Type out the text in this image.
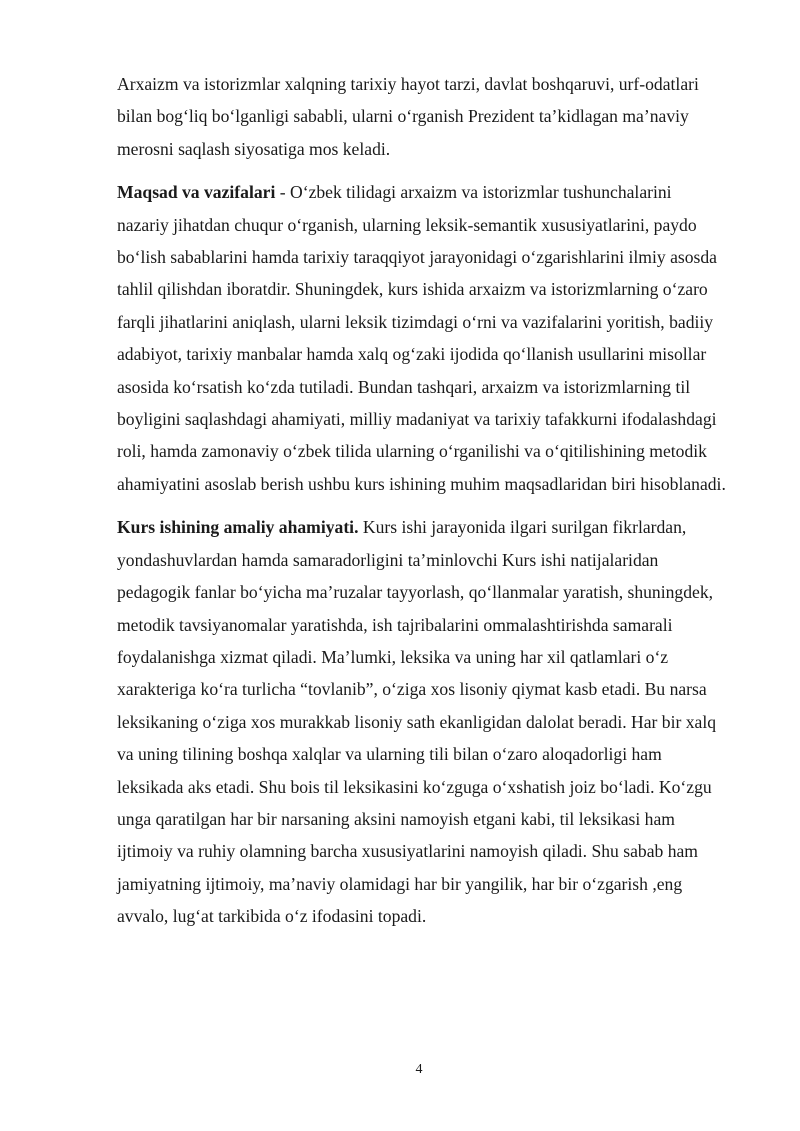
Arxaizm va istorizmlar xalqning tarixiy hayot tarzi, davlat boshqaruvi, urf-odatlari bilan bog‘liq bo‘lganligi sababli, ularni o‘rganish Prezident ta’kidlagan ma’naviy merosni saqlash siyosatiga mos keladi.

Maqsad va vazifalari - O‘zbek tilidagi arxaizm va istorizmlar tushunchalarini nazariy jihatdan chuqur o‘rganish, ularning leksik-semantik xususiyatlarini, paydo bo‘lish sabablarini hamda tarixiy taraqqiyot jarayonidagi o‘zgarishlarini ilmiy asosda tahlil qilishdan iboratdir. Shuningdek, kurs ishida arxaizm va istorizmlarning o‘zaro farqli jihatlarini aniqlash, ularni leksik tizimdagi o‘rni va vazifalarini yoritish, badiiy adabiyot, tarixiy manbalar hamda xalq og‘zaki ijodida qo‘llanish usullarini misollar asosida ko‘rsatish ko‘zda tutiladi. Bundan tashqari, arxaizm va istorizmlarning til boyligini saqlashdagi ahamiyati, milliy madaniyat va tarixiy tafakkurni ifodalashdagi roli, hamda zamonaviy o‘zbek tilida ularning o‘rganilishi va o‘qitilishining metodik ahamiyatini asoslab berish ushbu kurs ishining muhim maqsadlaridan biri hisoblanadi.

Kurs ishining amaliy ahamiyati. Kurs ishi jarayonida ilgari surilgan fikrlardan, yondashuvlardan hamda samaradorligini ta’minlovchi Kurs ishi natijalaridan pedagogik fanlar bo‘yicha ma’ruzalar tayyorlash, qo‘llanmalar yaratish, shuningdek, metodik tavsiyanomalar yaratishda, ish tajribalarini ommalashtirishda samarali foydalanishga xizmat qiladi. Ma’lumki, leksika va uning har xil qatlamlari o‘z xarakteriga ko‘ra turlicha “tovlanib”, o‘ziga xos lisoniy qiymat kasb etadi. Bu narsa leksikaning o‘ziga xos murakkab lisoniy sath ekanligidan dalolat beradi. Har bir xalq va uning tilining boshqa xalqlar va ularning tili bilan o‘zaro aloqadorligi ham leksikada aks etadi. Shu bois til leksikasini ko‘zguga o‘xshatish joiz bo‘ladi. Ko‘zgu unga qaratilgan har bir narsaning aksini namoyish etgani kabi, til leksikasi ham ijtimoiy va ruhiy olamning barcha xususiyatlarini namoyish qiladi. Shu sabab ham jamiyatning ijtimoiy, ma’naviy olamidagi har bir yangilik, har bir o‘zgarish ,eng avvalo, lug‘at tarkibida o‘z ifodasini topadi.

4
